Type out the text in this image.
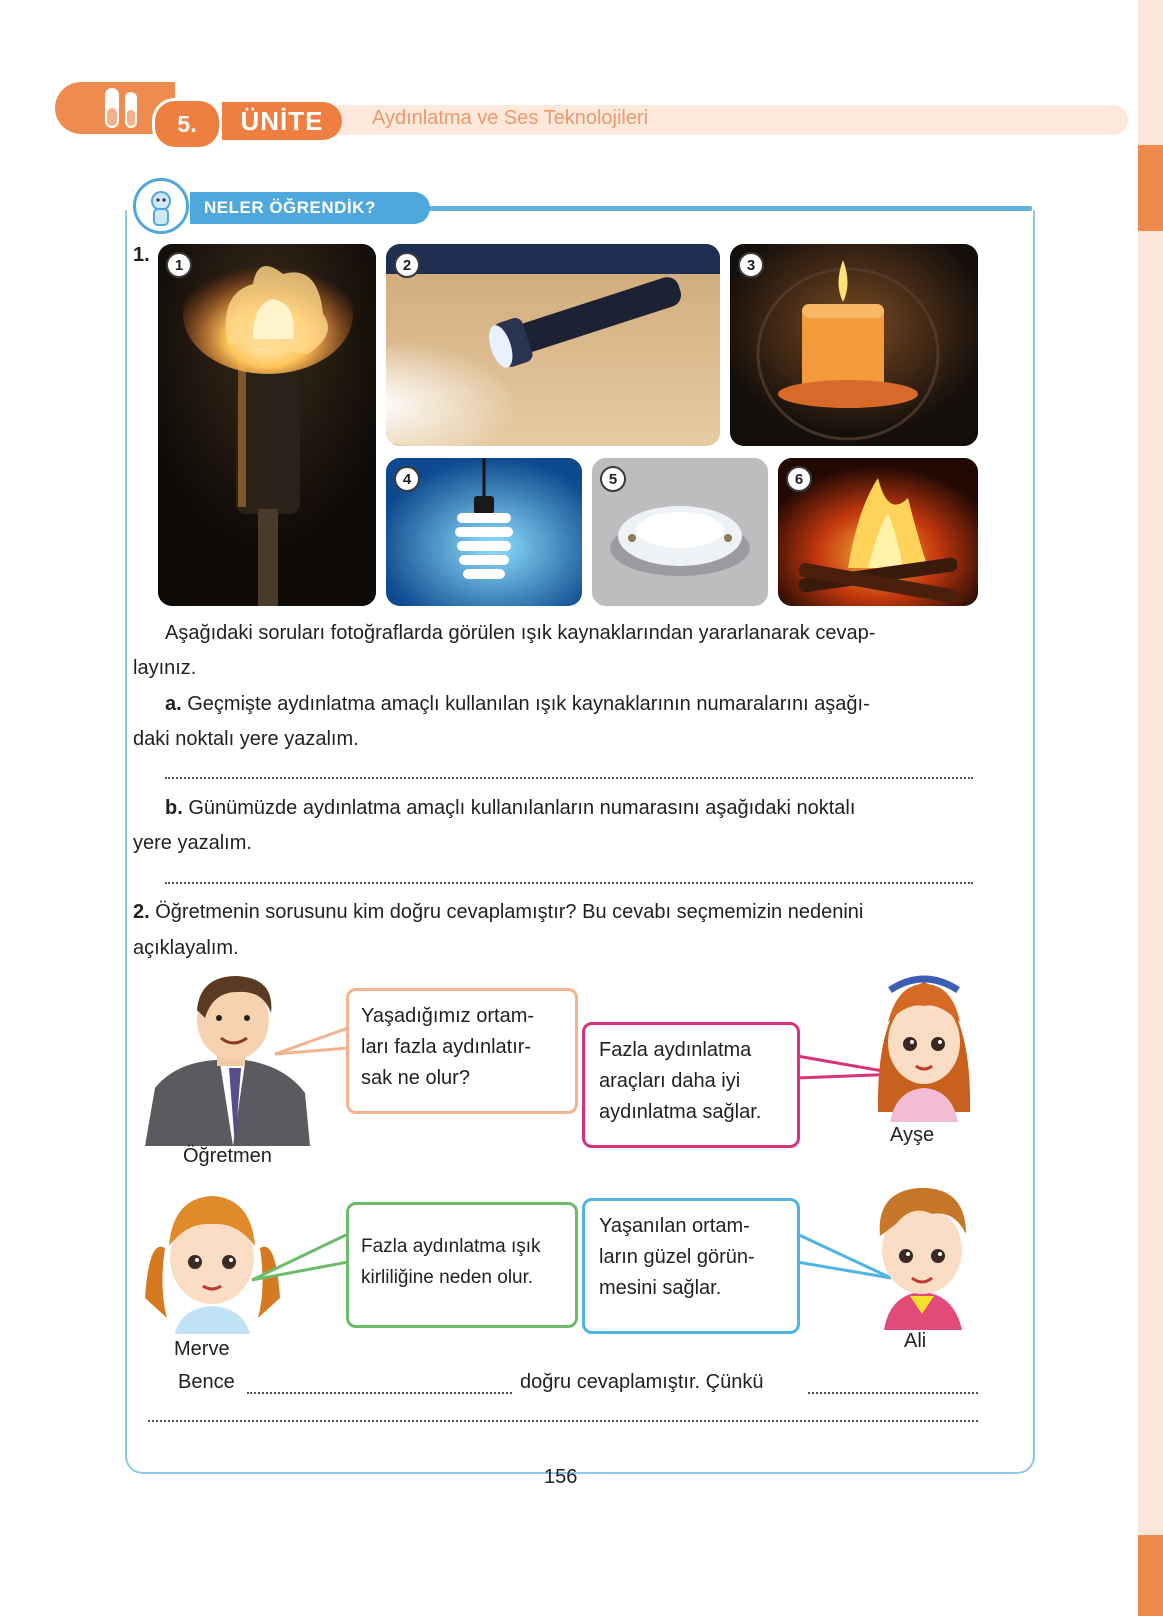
5.	ÜNİTE	Aydınlatma ve Ses Teknolojileri
NELER ÖĞRENDİK?
1.	1	2	3
4	5	6
Aşağıdaki soruları fotoğraflarda görülen ışık kaynaklarından yararlanarak cevap-
layınız.
a. Geçmişte aydınlatma amaçlı kullanılan ışık kaynaklarının numaralarını aşağı-
daki noktalı yere yazalım.
b. Günümüzde aydınlatma amaçlı kullanılanların numarasını aşağıdaki noktalı
yere yazalım.
2. Öğretmenin sorusunu kim doğru cevaplamıştır? Bu cevabı seçmemizin nedenini
açıklayalım.
Öğretmen
Yaşadığımız ortam-
ları fazla aydınlatır-
sak ne olur?
Fazla aydınlatma
araçları daha iyi
aydınlatma sağlar.
Ayşe
Merve
Fazla aydınlatma ışık
kirliliğine neden olur.
Yaşanılan ortam-
ların güzel görün-
mesini sağlar.
Ali
Bence	doğru cevaplamıştır. Çünkü
156
